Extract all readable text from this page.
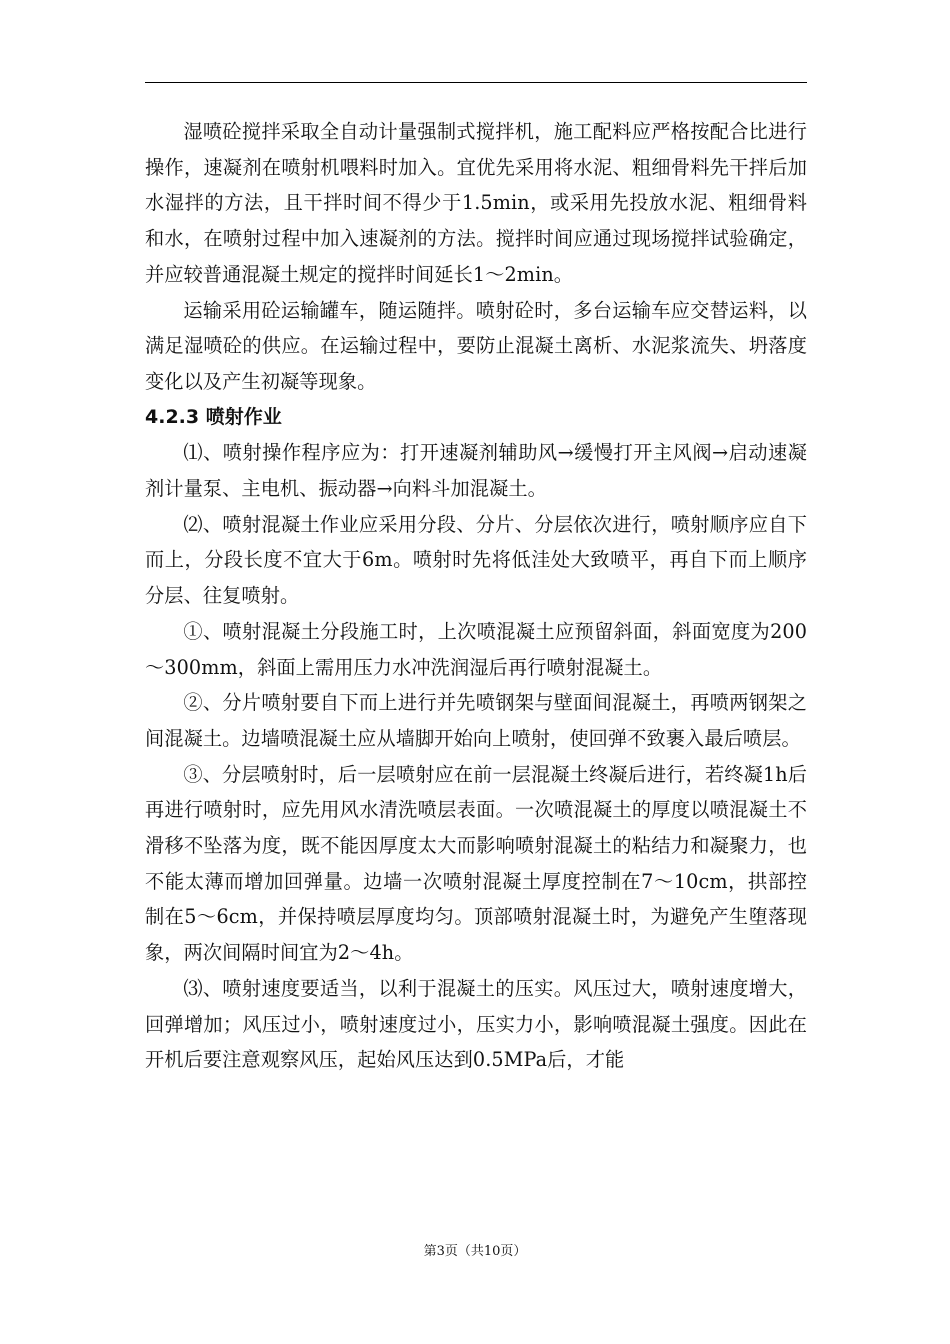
湿喷砼搅拌采取全自动计量强制式搅拌机，施工配料应严格按配合比进行操作，速凝剂在喷射机喂料时加入。宜优先采用将水泥、粗细骨料先干拌后加水湿拌的方法，且干拌时间不得少于1.5min，或采用先投放水泥、粗细骨料和水，在喷射过程中加入速凝剂的方法。搅拌时间应通过现场搅拌试验确定，并应较普通混凝土规定的搅拌时间延长1～2min。

运输采用砼运输罐车，随运随拌。喷射砼时，多台运输车应交替运料，以满足湿喷砼的供应。在运输过程中，要防止混凝土离析、水泥浆流失、坍落度变化以及产生初凝等现象。

4.2.3 喷射作业

⑴、喷射操作程序应为：打开速凝剂辅助风→缓慢打开主风阀→启动速凝剂计量泵、主电机、振动器→向料斗加混凝土。

⑵、喷射混凝土作业应采用分段、分片、分层依次进行，喷射顺序应自下而上，分段长度不宜大于6m。喷射时先将低洼处大致喷平，再自下而上顺序分层、往复喷射。

①、喷射混凝土分段施工时，上次喷混凝土应预留斜面，斜面宽度为200～300mm，斜面上需用压力水冲洗润湿后再行喷射混凝土。

②、分片喷射要自下而上进行并先喷钢架与壁面间混凝土，再喷两钢架之间混凝土。边墙喷混凝土应从墙脚开始向上喷射，使回弹不致裹入最后喷层。

③、分层喷射时，后一层喷射应在前一层混凝土终凝后进行，若终凝1h后再进行喷射时，应先用风水清洗喷层表面。一次喷混凝土的厚度以喷混凝土不滑移不坠落为度，既不能因厚度太大而影响喷射混凝土的粘结力和凝聚力，也不能太薄而增加回弹量。边墙一次喷射混凝土厚度控制在7～10cm，拱部控制在5～6cm，并保持喷层厚度均匀。顶部喷射混凝土时，为避免产生堕落现象，两次间隔时间宜为2～4h。

⑶、喷射速度要适当，以利于混凝土的压实。风压过大，喷射速度增大，回弹增加；风压过小，喷射速度过小，压实力小，影响喷混凝土强度。因此在开机后要注意观察风压，起始风压达到0.5MPa后，才能

第3页（共10页）
